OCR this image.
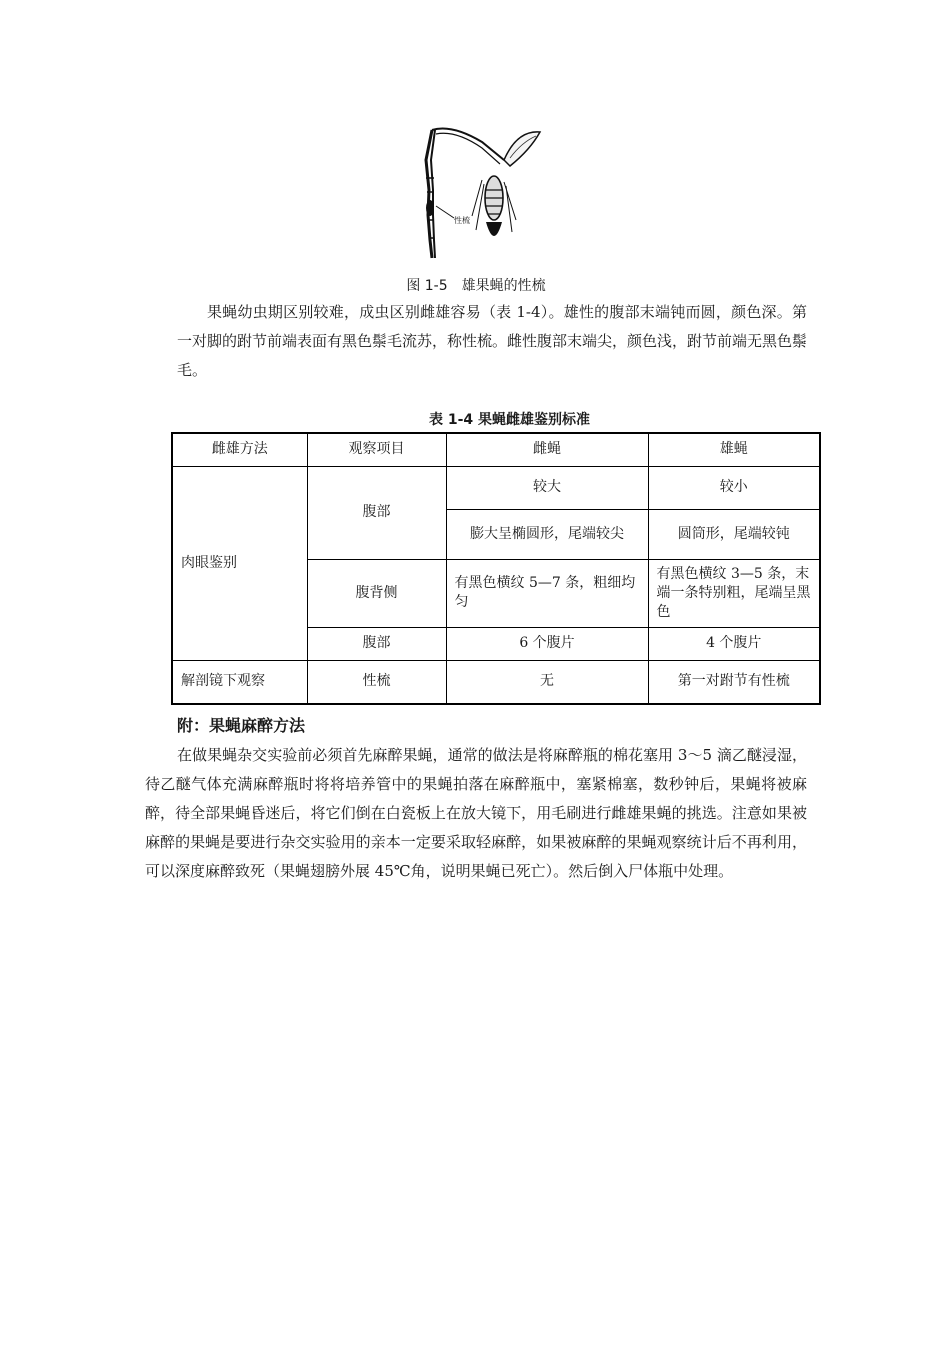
性梳
图 1-5 雄果蝇的性梳
果蝇幼虫期区别较难，成虫区别雌雄容易（表 1-4）。雄性的腹部末端钝而圆，颜色深。第一对脚的跗节前端表面有黑色鬃毛流苏，称性梳。雌性腹部末端尖，颜色浅，跗节前端无黑色鬃毛。
表 1-4 果蝇雌雄鉴别标准
雌雄方法	观察项目	雌蝇	雄蝇
肉眼鉴别	腹部	较大	较小
		膨大呈椭圆形，尾端较尖	圆筒形，尾端较钝
	腹背侧	有黑色横纹 5—7 条，粗细均匀	有黑色横纹 3—5 条，末端一条特别粗，尾端呈黑色
	腹部	6 个腹片	4 个腹片
解剖镜下观察	性梳	无	第一对跗节有性梳
附：果蝇麻醉方法
在做果蝇杂交实验前必须首先麻醉果蝇，通常的做法是将麻醉瓶的棉花塞用 3～5 滴乙醚浸湿，待乙醚气体充满麻醉瓶时将将培养管中的果蝇拍落在麻醉瓶中，塞紧棉塞，数秒钟后，果蝇将被麻醉，待全部果蝇昏迷后，将它们倒在白瓷板上在放大镜下，用毛刷进行雌雄果蝇的挑选。注意如果被麻醉的果蝇是要进行杂交实验用的亲本一定要采取轻麻醉，如果被麻醉的果蝇观察统计后不再利用，可以深度麻醉致死（果蝇翅膀外展 45℃角，说明果蝇已死亡）。然后倒入尸体瓶中处理。
